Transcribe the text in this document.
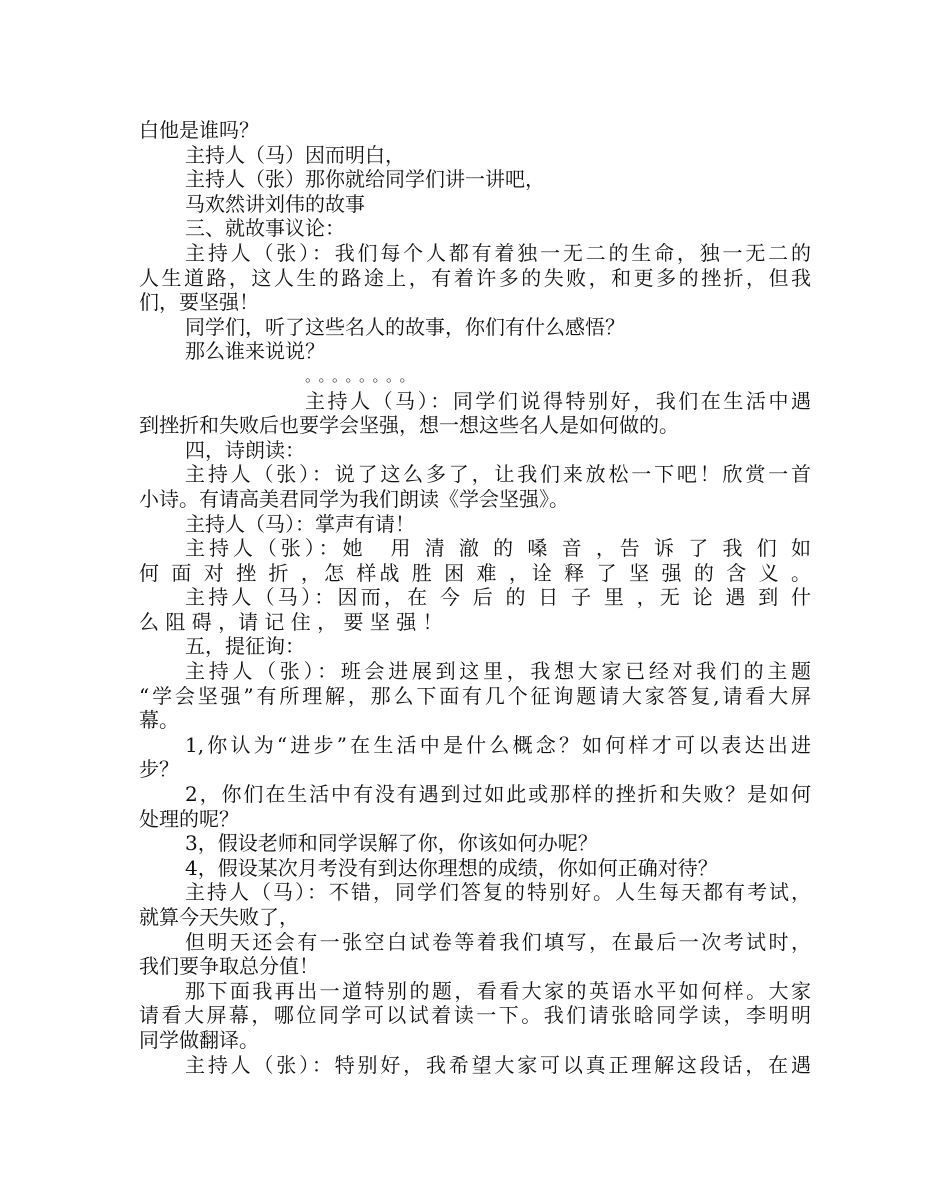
白他是谁吗？
主持人（马）因而明白，
主持人（张）那你就给同学们讲一讲吧，
马欢然讲刘伟的故事
三、就故事议论：
主持人（张）：我们每个人都有着独一无二的生命，独一无二的
人生道路，这人生的路途上，有着许多的失败，和更多的挫折，但我
们，要坚强！
同学们，听了这些名人的故事，你们有什么感悟？
那么谁来说说？
。。。。。。。。
主持人（马）：同学们说得特别好，我们在生活中遇
到挫折和失败后也要学会坚强，想一想这些名人是如何做的。
四，诗朗读：
主持人（张）：说了这么多了，让我们来放松一下吧！欣赏一首
小诗。有请高美君同学为我们朗读《学会坚强》。
主持人（马）：掌声有请！
主持人（张）：她　用 清 澈 的 嗓 音 ，告 诉 了 我 们 如
何 面 对 挫 折 ，怎 样战 胜 困 难 ，诠 释 了 坚 强 的 含 义 。
主持人（马）：因而，在 今 后 的 日 子 里 ，无 论 遇 到 什
么 阻 碍 ，请 记 住 ， 要 坚 强 ！
五，提征询：
主持人（张）：班会进展到这里，我想大家已经对我们的主题
“学会坚强”有所理解，那么下面有几个征询题请大家答复,请看大屏
幕。
1,你认为“进步”在生活中是什么概念？如何样才可以表达出进
步？
2，你们在生活中有没有遇到过如此或那样的挫折和失败？是如何
处理的呢？
3，假设老师和同学误解了你，你该如何办呢？
4，假设某次月考没有到达你理想的成绩，你如何正确对待？
主持人（马）：不错，同学们答复的特别好。人生每天都有考试，
就算今天失败了，
但明天还会有一张空白试卷等着我们填写，在最后一次考试时，
我们要争取总分值！
那下面我再出一道特别的题，看看大家的英语水平如何样。大家
请看大屏幕，哪位同学可以试着读一下。我们请张晗同学读，李明明
同学做翻译。
主持人（张）：特别好，我希望大家可以真正理解这段话，在遇
